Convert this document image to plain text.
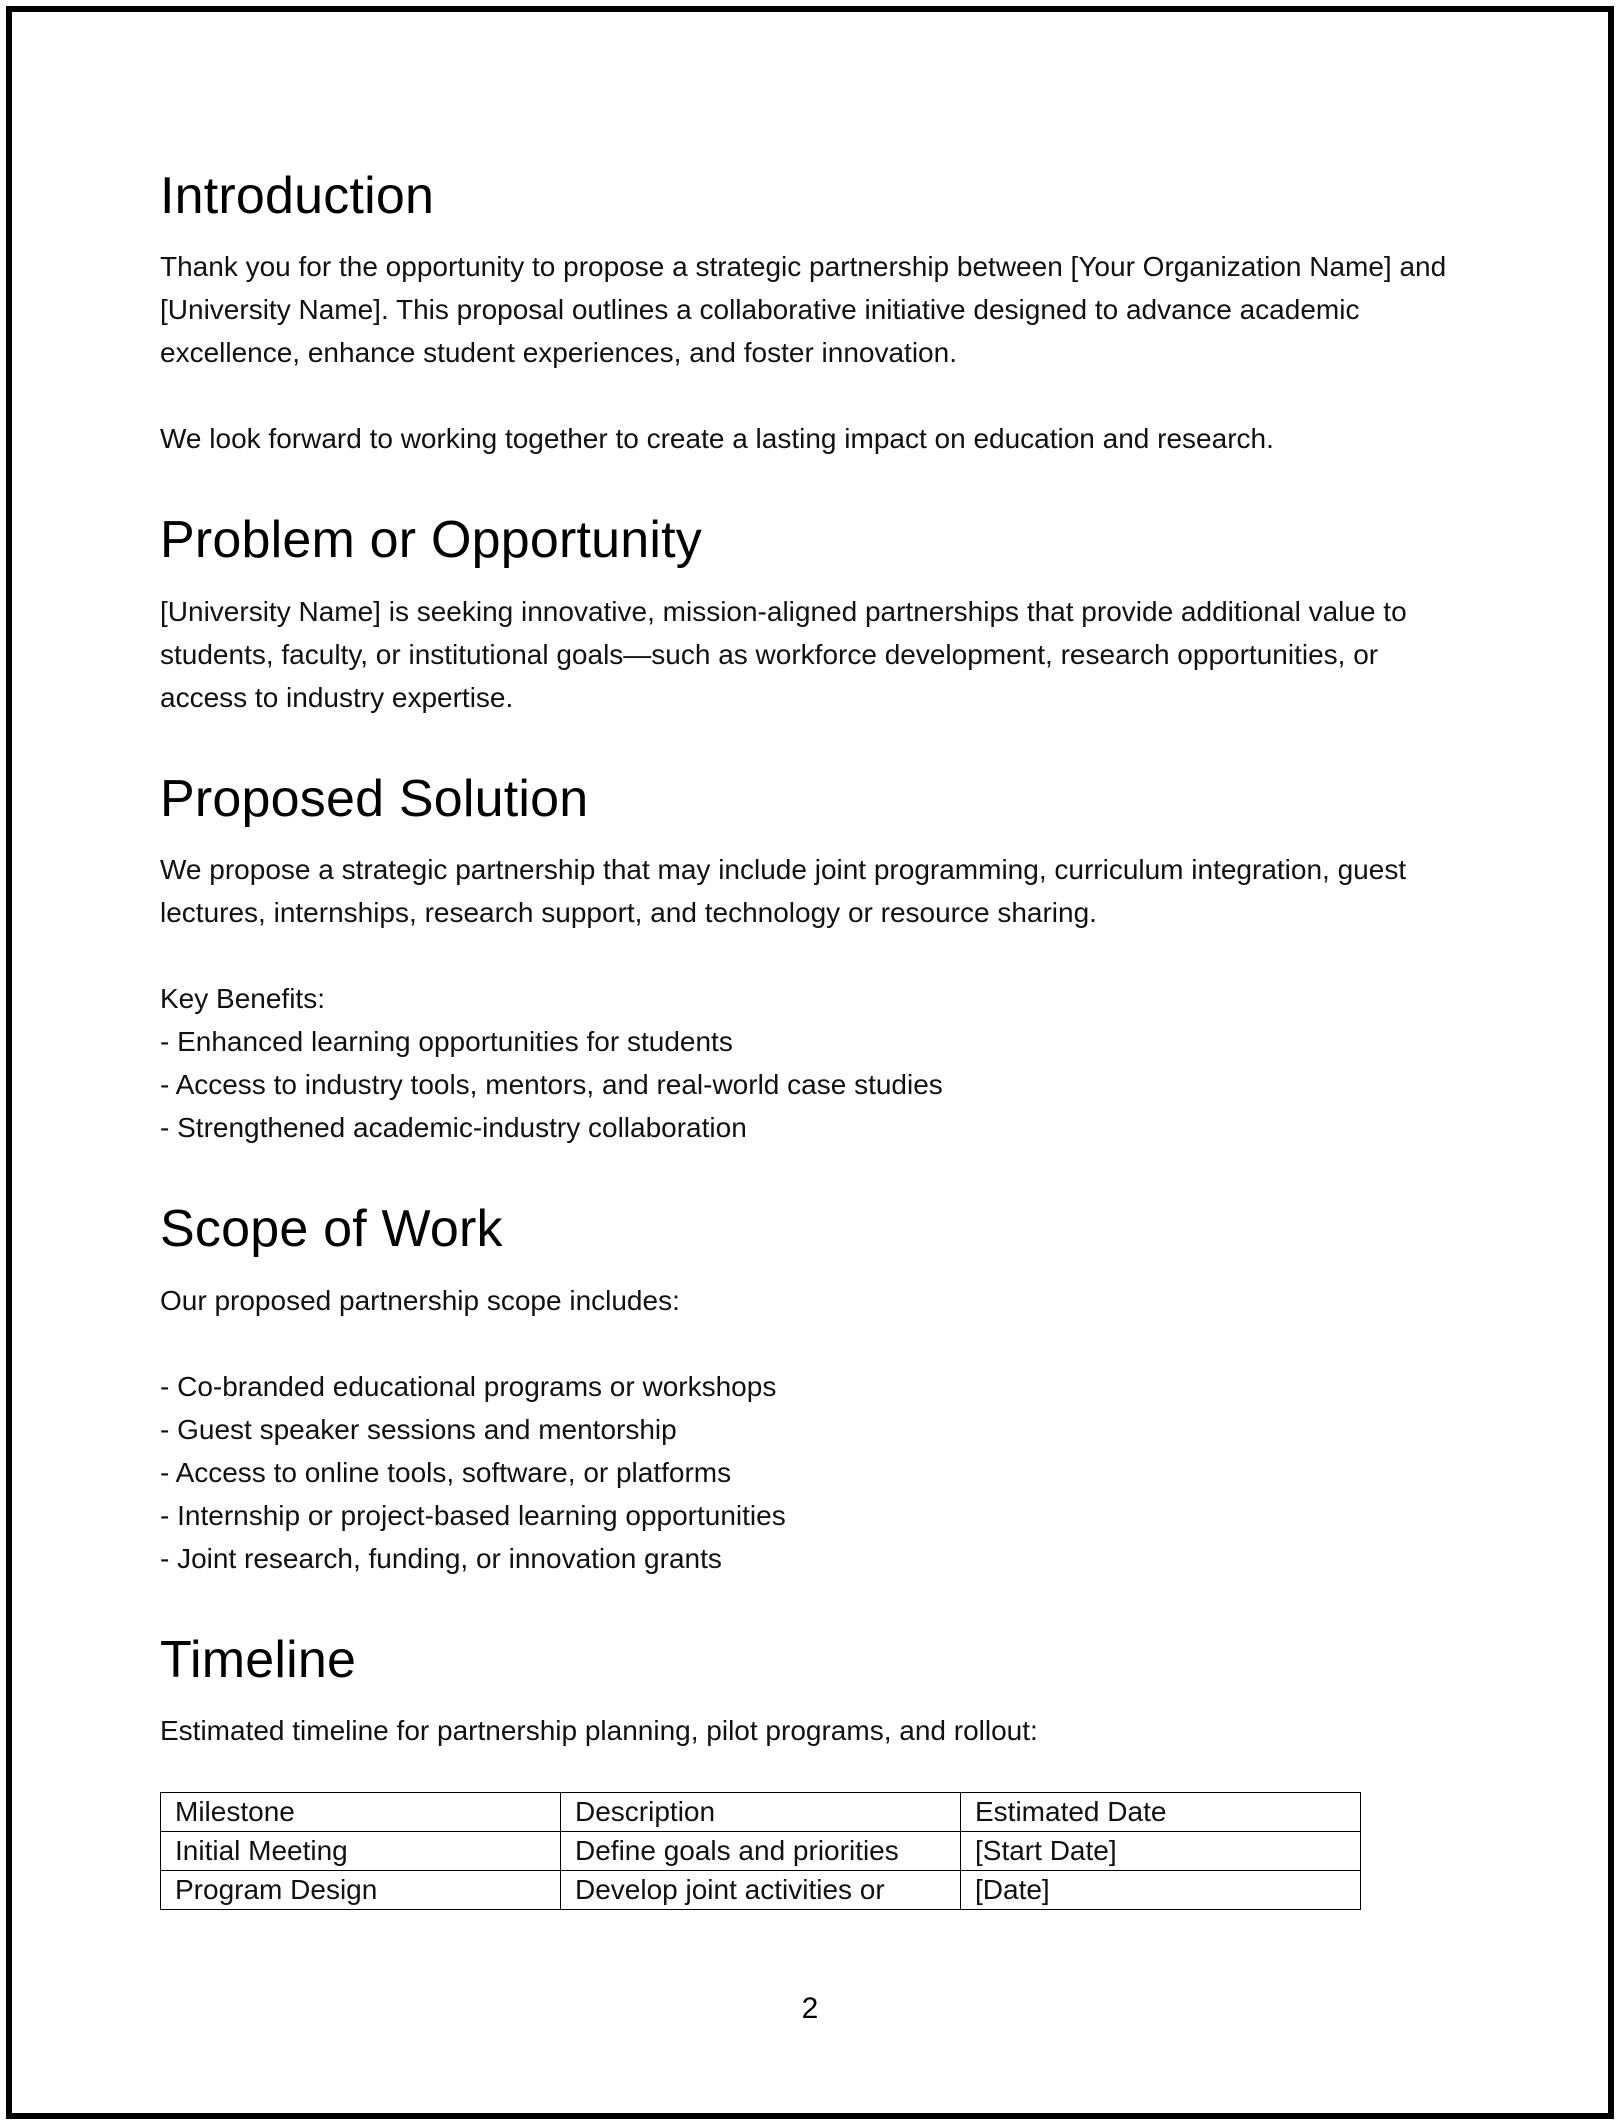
Introduction

Thank you for the opportunity to propose a strategic partnership between [Your Organization Name] and [University Name]. This proposal outlines a collaborative initiative designed to advance academic excellence, enhance student experiences, and foster innovation.

We look forward to working together to create a lasting impact on education and research.

Problem or Opportunity

[University Name] is seeking innovative, mission-aligned partnerships that provide additional value to students, faculty, or institutional goals—such as workforce development, research opportunities, or access to industry expertise.

Proposed Solution

We propose a strategic partnership that may include joint programming, curriculum integration, guest lectures, internships, research support, and technology or resource sharing.

Key Benefits:

- Enhanced learning opportunities for students
- Access to industry tools, mentors, and real-world case studies
- Strengthened academic-industry collaboration
Scope of Work

Our proposed partnership scope includes:

- Co-branded educational programs or workshops
- Guest speaker sessions and mentorship
- Access to online tools, software, or platforms
- Internship or project-based learning opportunities
- Joint research, funding, or innovation grants
Timeline

Estimated timeline for partnership planning, pilot programs, and rollout:

Milestone	Description	Estimated Date
Initial Meeting	Define goals and priorities	[Start Date]
Program Design	Develop joint activities or	[Date]
2
